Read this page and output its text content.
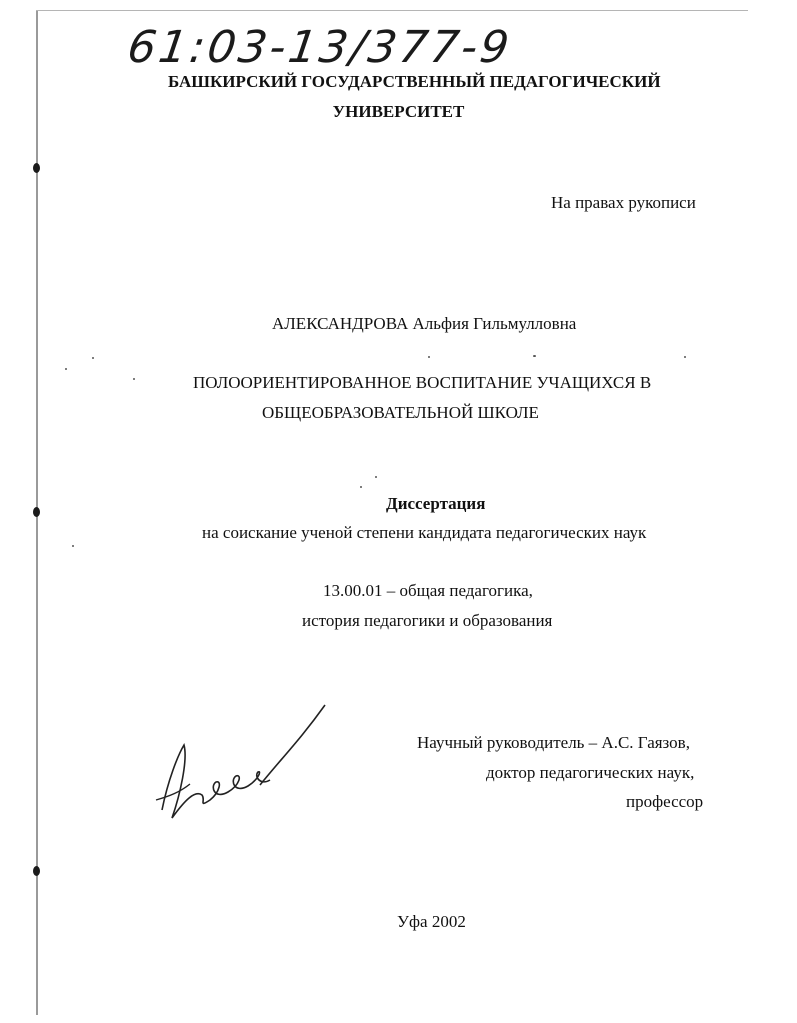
61:03-13/377-9
БАШКИРСКИЙ ГОСУДАРСТВЕННЫЙ ПЕДАГОГИЧЕСКИЙ
УНИВЕРСИТЕТ
На правах рукописи
АЛЕКСАНДРОВА Альфия Гильмулловна
ПОЛООРИЕНТИРОВАННОЕ ВОСПИТАНИЕ УЧАЩИХСЯ В
ОБЩЕОБРАЗОВАТЕЛЬНОЙ ШКОЛЕ
Диссертация
на соискание ученой степени кандидата педагогических наук
13.00.01 – общая педагогика,
история педагогики и образования
Научный руководитель – А.С. Гаязов,
доктор педагогических наук,
профессор
Уфа 2002
